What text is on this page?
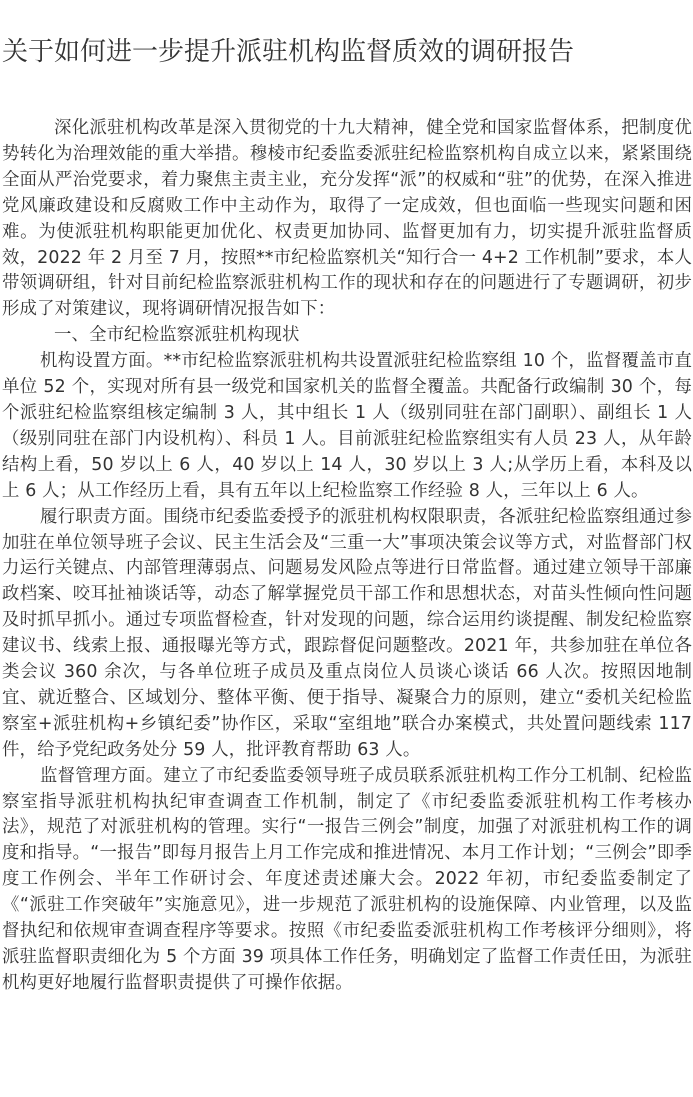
关于如何进一步提升派驻机构监督质效的调研报告

深化派驻机构改革是深入贯彻党的十九大精神，健全党和国家监督体系，把制度优势转化为治理效能的重大举措。穆棱市纪委监委派驻纪检监察机构自成立以来，紧紧围绕全面从严治党要求，着力聚焦主责主业，充分发挥“派”的权威和“驻”的优势，在深入推进党风廉政建设和反腐败工作中主动作为，取得了一定成效，但也面临一些现实问题和困难。为使派驻机构职能更加优化、权责更加协同、监督更加有力，切实提升派驻监督质效，2022 年 2 月至 7 月，按照**市纪检监察机关“知行合一 4+2 工作机制”要求，本人带领调研组，针对目前纪检监察派驻机构工作的现状和存在的问题进行了专题调研，初步形成了对策建议，现将调研情况报告如下：

一、全市纪检监察派驻机构现状

机构设置方面。**市纪检监察派驻机构共设置派驻纪检监察组 10 个，监督覆盖市直单位 52 个，实现对所有县一级党和国家机关的监督全覆盖。共配备行政编制 30 个，每个派驻纪检监察组核定编制 3 人，其中组长 1 人（级别同驻在部门副职）、副组长 1 人（级别同驻在部门内设机构）、科员 1 人。目前派驻纪检监察组实有人员 23 人，从年龄结构上看，50 岁以上 6 人，40 岁以上 14 人，30 岁以上 3 人;从学历上看，本科及以上 6 人；从工作经历上看，具有五年以上纪检监察工作经验 8 人，三年以上 6 人。

履行职责方面。围绕市纪委监委授予的派驻机构权限职责，各派驻纪检监察组通过参加驻在单位领导班子会议、民主生活会及“三重一大”事项决策会议等方式，对监督部门权力运行关键点、内部管理薄弱点、问题易发风险点等进行日常监督。通过建立领导干部廉政档案、咬耳扯袖谈话等，动态了解掌握党员干部工作和思想状态，对苗头性倾向性问题及时抓早抓小。通过专项监督检查，针对发现的问题，综合运用约谈提醒、制发纪检监察建议书、线索上报、通报曝光等方式，跟踪督促问题整改。2021 年，共参加驻在单位各类会议 360 余次，与各单位班子成员及重点岗位人员谈心谈话 66 人次。按照因地制宜、就近整合、区域划分、整体平衡、便于指导、凝聚合力的原则，建立“委机关纪检监察室+派驻机构+乡镇纪委”协作区，采取“室组地”联合办案模式，共处置问题线索 117 件，给予党纪政务处分 59 人，批评教育帮助 63 人。

监督管理方面。建立了市纪委监委领导班子成员联系派驻机构工作分工机制、纪检监察室指导派驻机构执纪审查调查工作机制，制定了《市纪委监委派驻机构工作考核办法》，规范了对派驻机构的管理。实行“一报告三例会”制度，加强了对派驻机构工作的调度和指导。“一报告”即每月报告上月工作完成和推进情况、本月工作计划；“三例会”即季度工作例会、半年工作研讨会、年度述责述廉大会。2022 年初，市纪委监委制定了《“派驻工作突破年”实施意见》，进一步规范了派驻机构的设施保障、内业管理，以及监督执纪和依规审查调查程序等要求。按照《市纪委监委派驻机构工作考核评分细则》，将派驻监督职责细化为 5 个方面 39 项具体工作任务，明确划定了监督工作责任田，为派驻机构更好地履行监督职责提供了可操作依据。
